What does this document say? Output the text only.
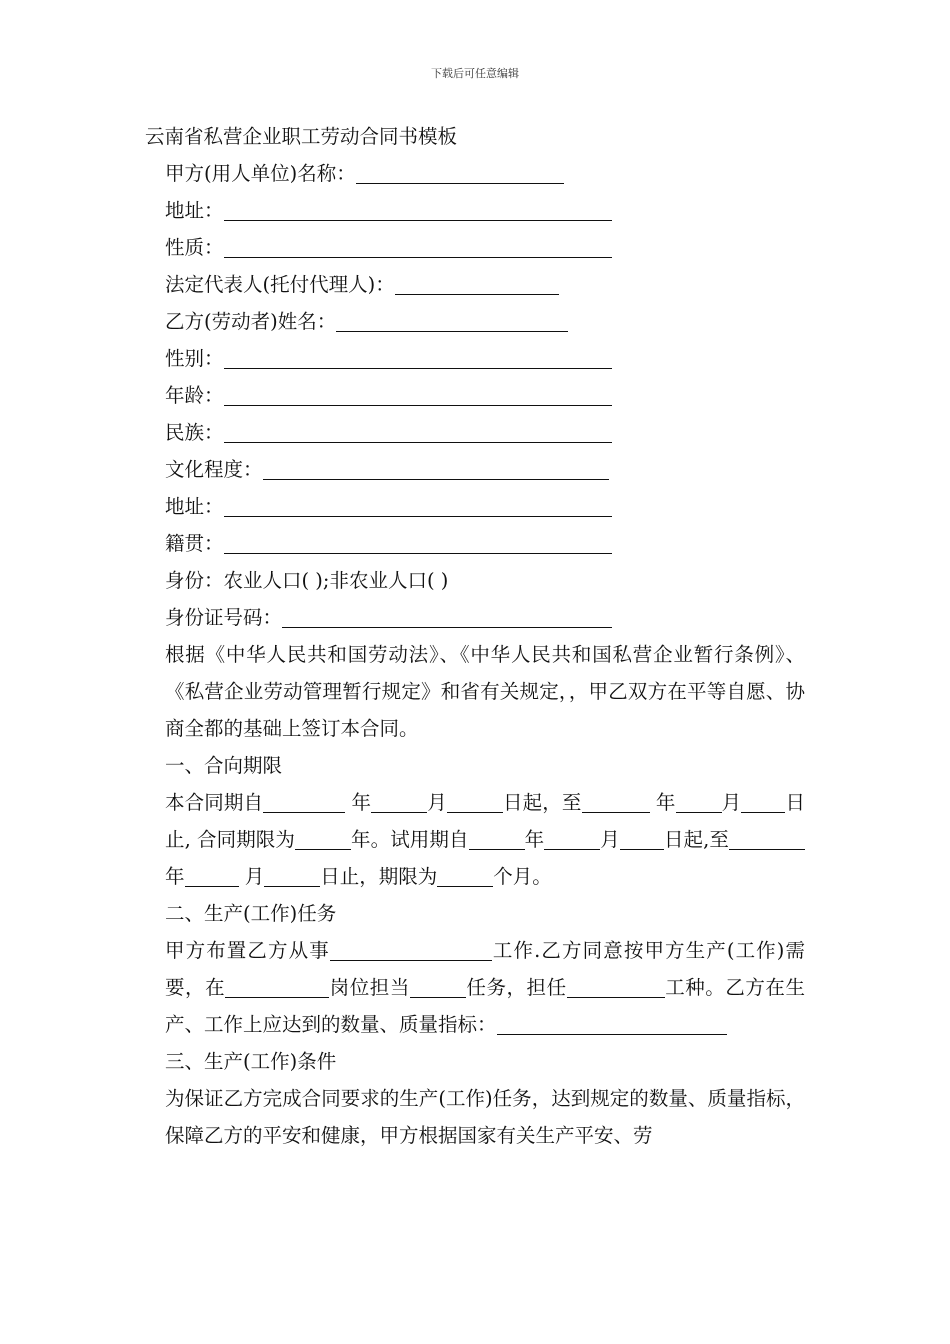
下载后可任意编辑
云南省私营企业职工劳动合同书模板
甲方(用人单位)名称：
地址：
性质：
法定代表人(托付代理人)：
乙方(劳动者)姓名：
性别：
年龄：
民族：
文化程度：
地址：
籍贯：
身份：农业人口( );非农业人口( )
身份证号码：
根据《中华人民共和国劳动法》、《中华人民共和国私营企业暂行条例》、《私营企业劳动管理暂行规定》和省有关规定，，甲乙双方在平等自愿、协商全都的基础上签订本合同。
一、合向期限
本合同期自	年	月	日起，至	年 月 日止, 合同期限为	年。试用期自	年	月 日起,至 年	月	日止，期限为	个月。
二、生产(工作)任务
甲方布置乙方从事	工作.乙方同意按甲方生产(工作)需要，在	岗位担当	任务，担任	工种。乙方在生产、工作上应达到的数量、质量指标：
三、生产(工作)条件
为保证乙方完成合同要求的生产(工作)任务，达到规定的数量、质量指标，保障乙方的平安和健康，甲方根据国家有关生产平安、劳
